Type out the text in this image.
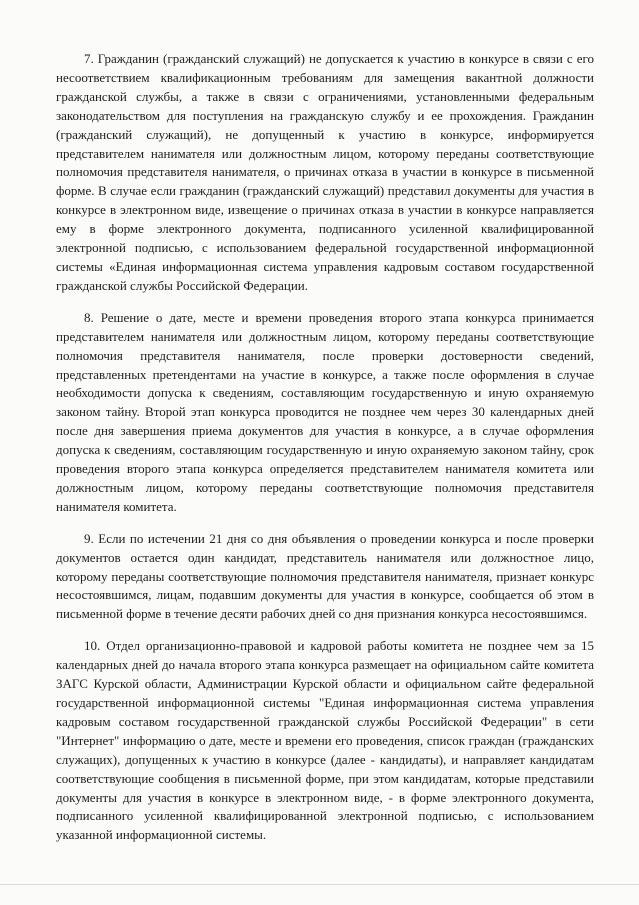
7. Гражданин (гражданский служащий) не допускается к участию в конкурсе в связи с его несоответствием квалификационным требованиям для замещения вакантной должности гражданской службы, а также в связи с ограничениями, установленными федеральным законодательством для поступления на гражданскую службу и ее прохождения. Гражданин (гражданский служащий), не допущенный к участию в конкурсе, информируется представителем нанимателя или должностным лицом, которому переданы соответствующие полномочия представителя нанимателя, о причинах отказа в участии в конкурсе в письменной форме. В случае если гражданин (гражданский служащий) представил документы для участия в конкурсе в электронном виде, извещение о причинах отказа в участии в конкурсе направляется ему в форме электронного документа, подписанного усиленной квалифицированной электронной подписью, с использованием федеральной государственной информационной системы «Единая информационная система управления кадровым составом государственной гражданской службы Российской Федерации.

8. Решение о дате, месте и времени проведения второго этапа конкурса принимается представителем нанимателя или должностным лицом, которому переданы соответствующие полномочия представителя нанимателя, после проверки достоверности сведений, представленных претендентами на участие в конкурсе, а также после оформления в случае необходимости допуска к сведениям, составляющим государственную и иную охраняемую законом тайну. Второй этап конкурса проводится не позднее чем через 30 календарных дней после дня завершения приема документов для участия в конкурсе, а в случае оформления допуска к сведениям, составляющим государственную и иную охраняемую законом тайну, срок проведения второго этапа конкурса определяется представителем нанимателя комитета или должностным лицом, которому переданы соответствующие полномочия представителя нанимателя комитета.

9. Если по истечении 21 дня со дня объявления о проведении конкурса и после проверки документов остается один кандидат, представитель нанимателя или должностное лицо, которому переданы соответствующие полномочия представителя нанимателя, признает конкурс несостоявшимся, лицам, подавшим документы для участия в конкурсе, сообщается об этом в письменной форме в течение десяти рабочих дней со дня признания конкурса несостоявшимся.

10. Отдел организационно-правовой и кадровой работы комитета не позднее чем за 15 календарных дней до начала второго этапа конкурса размещает на официальном сайте комитета ЗАГС Курской области, Администрации Курской области и официальном сайте федеральной государственной информационной системы "Единая информационная система управления кадровым составом государственной гражданской службы Российской Федерации" в сети "Интернет" информацию о дате, месте и времени его проведения, список граждан (гражданских служащих), допущенных к участию в конкурсе (далее - кандидаты), и направляет кандидатам соответствующие сообщения в письменной форме, при этом кандидатам, которые представили документы для участия в конкурсе в электронном виде, - в форме электронного документа, подписанного усиленной квалифицированной электронной подписью, с использованием указанной информационной системы.
